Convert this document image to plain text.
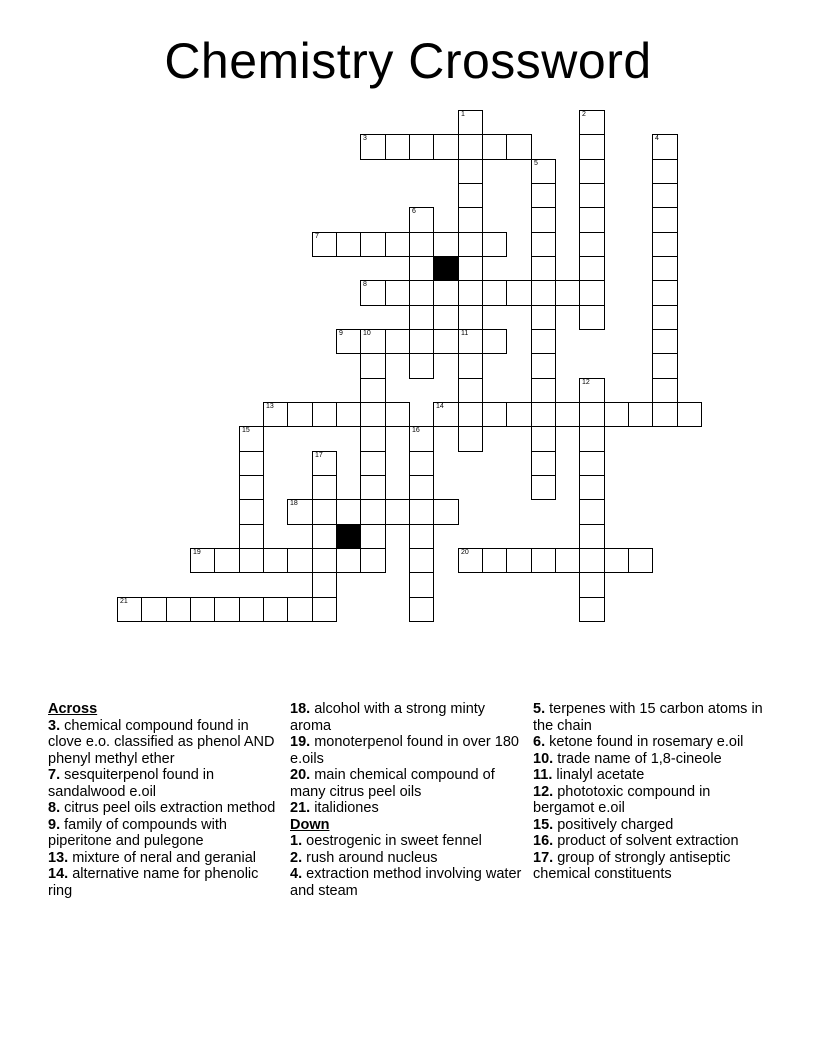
Chemistry Crossword
1
11
2
3	4
5
6
7
8
9	10
12
13	14
15	16
17
18
19	20
21
Across
3. chemical compound found in clove e.o. classified as phenol AND phenyl methyl ether
7. sesquiterpenol found in sandalwood e.oil
8. citrus peel oils extraction method
9. family of compounds with piperitone and pulegone
13. mixture of neral and geranial
14. alternative name for phenolic ring
18. alcohol with a strong minty aroma
19. monoterpenol found in over 180 e.oils
20. main chemical compound of many citrus peel oils
21. italidiones
Down
1. oestrogenic in sweet fennel
2. rush around nucleus
4. extraction method involving water and steam
5. terpenes with 15 carbon atoms in the chain
6. ketone found in rosemary e.oil
10. trade name of 1,8-cineole
11. linalyl acetate
12. phototoxic compound in bergamot e.oil
15. positively charged
16. product of solvent extraction
17. group of strongly antiseptic chemical constituents
